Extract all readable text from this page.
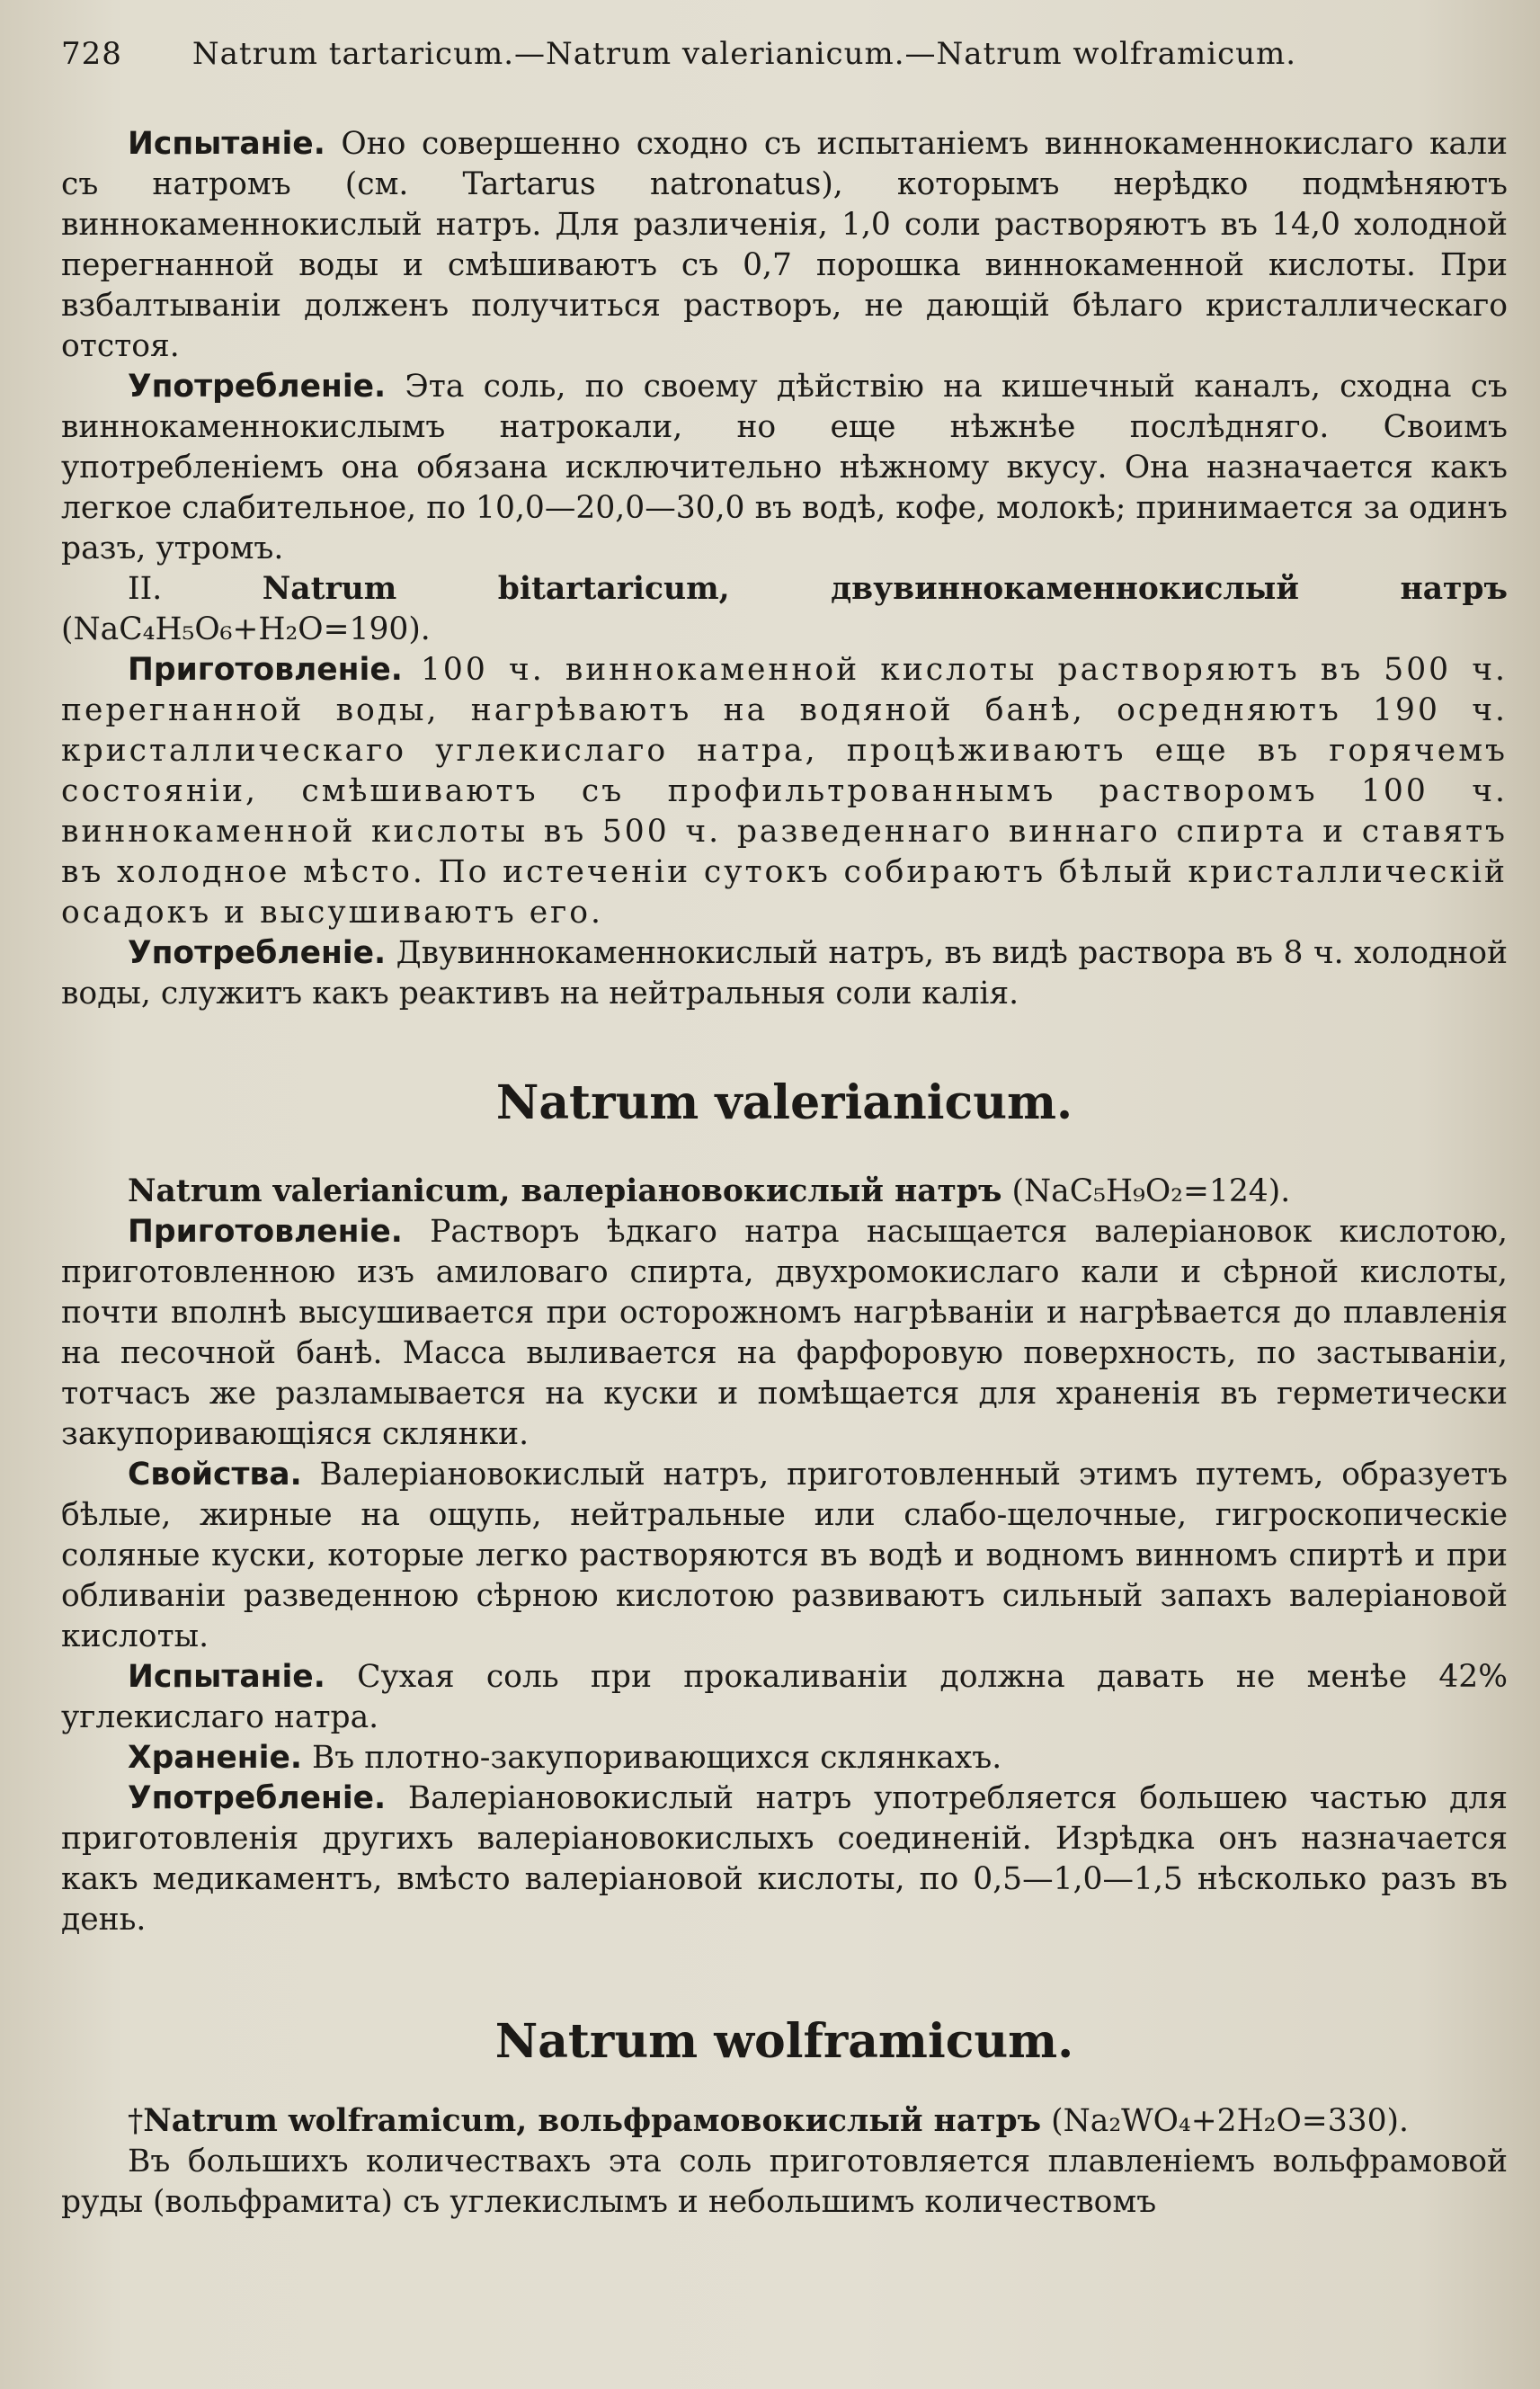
728 Natrum tartaricum.—Natrum valerianicum.—Natrum wolframicum.

Испытаніе. Оно совершенно сходно съ испытаніемъ виннокаменнокислаго кали съ натромъ (см. Tartarus natronatus), которымъ нерѣдко подмѣняютъ виннокаменнокислый натръ. Для различенія, 1,0 соли растворяютъ въ 14,0 холодной перегнанной воды и смѣшиваютъ съ 0,7 порошка виннокаменной кислоты. При взбалтываніи долженъ получиться растворъ, не дающій бѣлаго кристаллическаго отстоя.

Употребленіе. Эта соль, по своему дѣйствію на кишечный каналъ, сходна съ виннокаменнокислымъ натрокали, но еще нѣжнѣе послѣдняго. Своимъ употребленіемъ она обязана исключительно нѣжному вкусу. Она назначается какъ легкое слабительное, по 10,0—20,0—30,0 въ водѣ, кофе, молокѣ; принимается за одинъ разъ, утромъ.

II.	Natrum bitartaricum, двувиннокаменнокислый натръ (NaC₄H₅O₆+H₂O=190).

Приготовленіе. 100 ч. виннокаменной кислоты растворяютъ въ 500 ч. перегнанной воды, нагрѣваютъ на водяной банѣ, осредняютъ 190 ч. кристаллическаго углекислаго натра, процѣживаютъ еще въ горячемъ состояніи, смѣшиваютъ съ профильтрованнымъ растворомъ 100 ч. виннокаменной кислоты въ 500 ч. разведеннаго виннаго спирта и ставятъ въ холодное мѣсто. По истеченіи сутокъ собираютъ бѣлый кристаллическій осадокъ и высушиваютъ его.

Употребленіе. Двувиннокаменнокислый натръ, въ видѣ раствора въ 8 ч. холодной воды, служитъ какъ реактивъ на нейтральныя соли калія.

Natrum valerianicum.

Natrum valerianicum, валеріановокислый натръ (NaC₅H₉O₂=124).

Приготовленіе. Растворъ ѣдкаго натра насыщается валеріановок кислотою, приготовленною изъ амиловаго спирта, двухромокислаго кали и сѣрной кислоты, почти вполнѣ высушивается при осторожномъ нагрѣваніи и нагрѣвается до плавленія на песочной банѣ. Масса выливается на фарфоровую поверхность, по застываніи, тотчасъ же разламывается на куски и помѣщается для храненія въ герметически закупоривающіяся склянки.

Свойства. Валеріановокислый натръ, приготовленный этимъ путемъ, образуетъ бѣлые, жирные на ощупь, нейтральные или слабо-щелочные, гигроскопическіе соляные куски, которые легко растворяются въ водѣ и водномъ винномъ спиртѣ и при обливаніи разведенною сѣрною кислотою развиваютъ сильный запахъ валеріановой кислоты.

Испытаніе. Сухая соль при прокаливаніи должна давать не менѣе 42% углекислаго натра.

Храненіе. Въ плотно-закупоривающихся склянкахъ.

Употребленіе. Валеріановокислый натръ употребляется большею частью для приготовленія другихъ валеріановокислыхъ соединеній. Изрѣдка онъ назначается какъ медикаментъ, вмѣсто валеріановой кислоты, по 0,5—1,0—1,5 нѣсколько разъ въ день.

Natrum wolframicum.

†Natrum wolframicum, вольфрамовокислый натръ (Na₂WO₄+2H₂O=330).

Въ большихъ количествахъ эта соль приготовляется плавленіемъ вольфрамовой руды (вольфрамита) съ углекислымъ и небольшимъ количествомъ
